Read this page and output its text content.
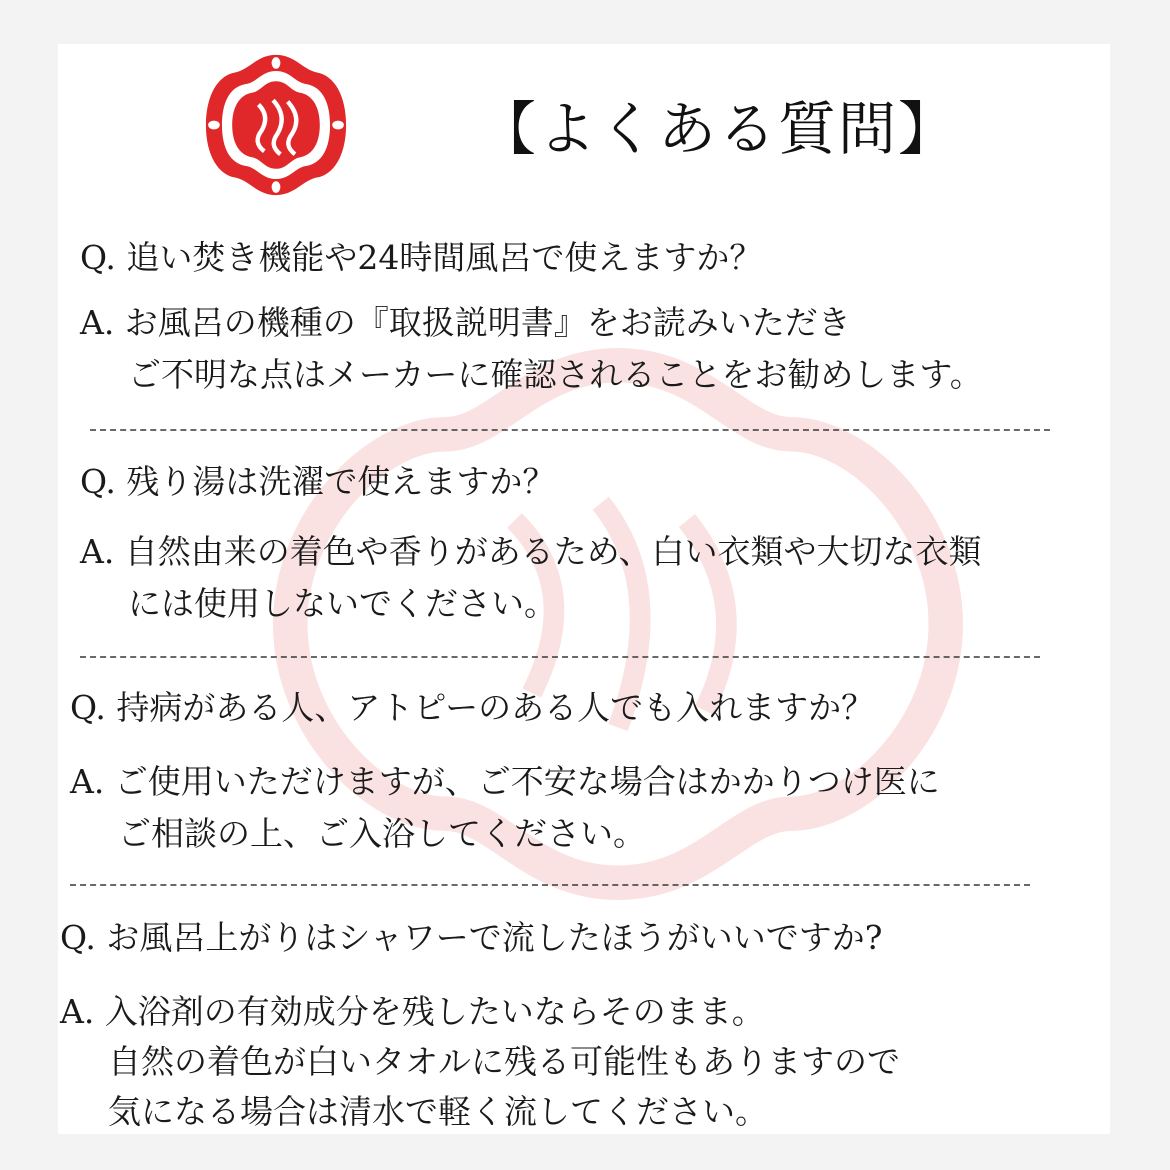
【よくある質問】
Q. 追い焚き機能や24時間風呂で使えますか？
A. お風呂の機種の『取扱説明書』をお読みいただき
ご不明な点はメーカーに確認されることをお勧めします。
Q. 残り湯は洗濯で使えますか？
A. 自然由来の着色や香りがあるため、白い衣類や大切な衣類
には使用しないでください。
Q. 持病がある人、アトピーのある人でも入れますか？
A. ご使用いただけますが、ご不安な場合はかかりつけ医に
ご相談の上、ご入浴してください。
Q. お風呂上がりはシャワーで流したほうがいいですか?
A. 入浴剤の有効成分を残したいならそのまま。
自然の着色が白いタオルに残る可能性もありますので
気になる場合は清水で軽く流してください。
